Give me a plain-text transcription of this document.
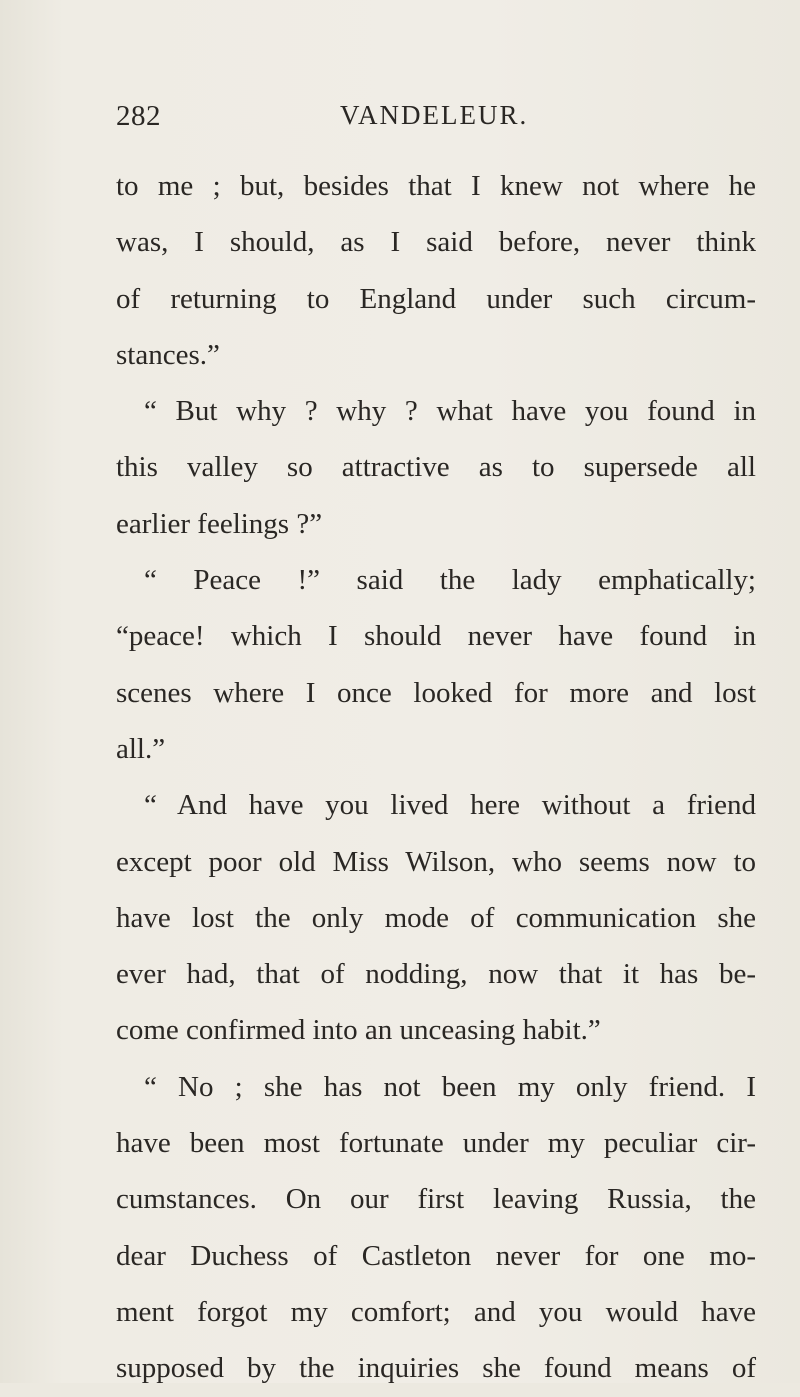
282	VANDELEUR.
to me ; but, besides that I knew not where he
was, I should, as I said before, never think
of returning to England under such circum-
stances.”
“ But why ? why ? what have you found in
this valley so attractive as to supersede all
earlier feelings ?”
“ Peace !” said the lady emphatically;
“peace! which I should never have found in
scenes where I once looked for more and lost
all.”
“ And have you lived here without a friend
except poor old Miss Wilson, who seems now to
have lost the only mode of communication she
ever had, that of nodding, now that it has be-
come confirmed into an unceasing habit.”
“ No ; she has not been my only friend. I
have been most fortunate under my peculiar cir-
cumstances. On our first leaving Russia, the
dear Duchess of Castleton never for one mo-
ment forgot my comfort; and you would have
supposed by the inquiries she found means of
